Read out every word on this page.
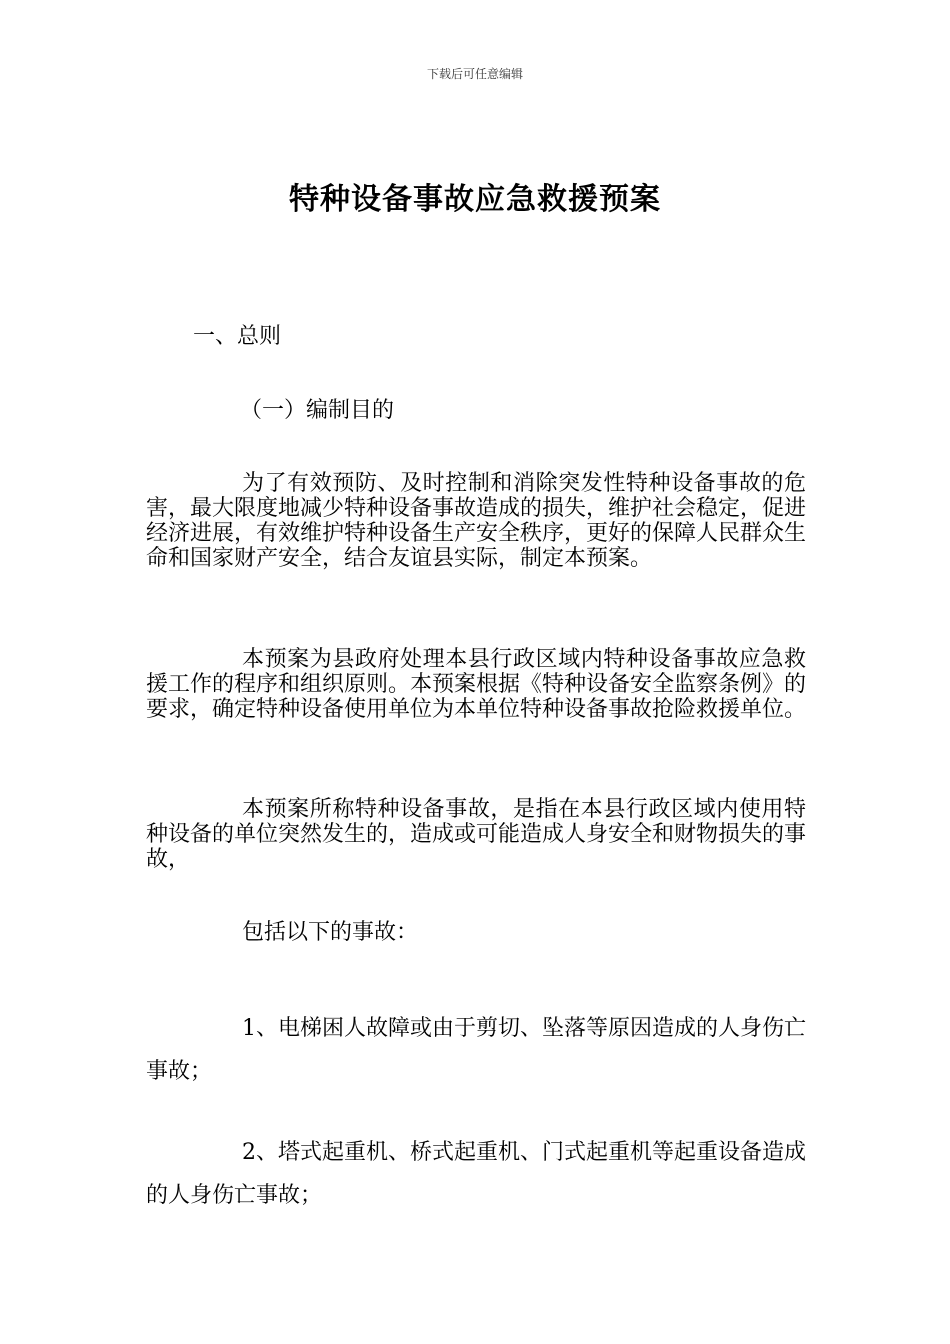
下载后可任意编辑
特种设备事故应急救援预案
一、总则
（一）编制目的

为了有效预防、及时控制和消除突发性特种设备事故的危害，最大限度地减少特种设备事故造成的损失，维护社会稳定，促进经济进展，有效维护特种设备生产安全秩序，更好的保障人民群众生命和国家财产安全，结合友谊县实际，制定本预案。

本预案为县政府处理本县行政区域内特种设备事故应急救援工作的程序和组织原则。本预案根据《特种设备安全监察条例》的要求，确定特种设备使用单位为本单位特种设备事故抢险救援单位。

本预案所称特种设备事故，是指在本县行政区域内使用特种设备的单位突然发生的，造成或可能造成人身安全和财物损失的事故，

包括以下的事故：

1、电梯困人故障或由于剪切、坠落等原因造成的人身伤亡事故；

2、塔式起重机、桥式起重机、门式起重机等起重设备造成的人身伤亡事故；
